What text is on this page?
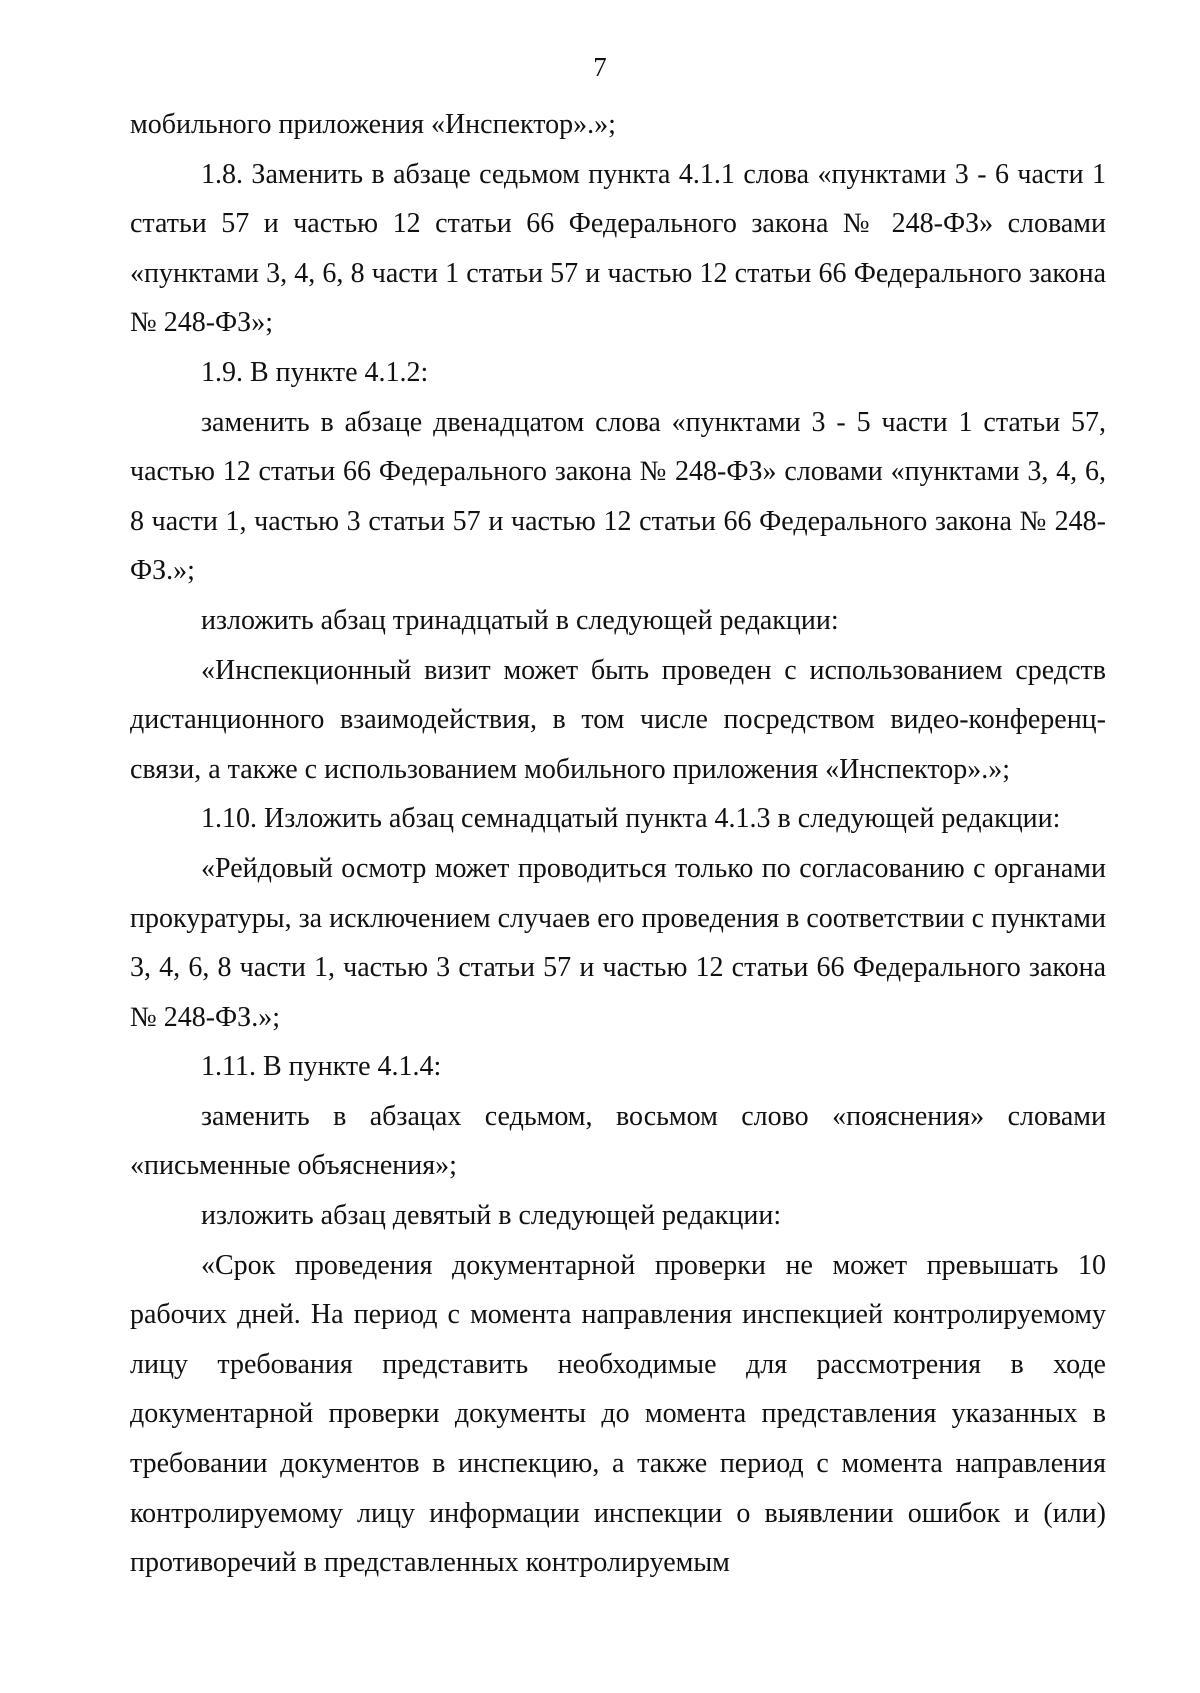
7

мобильного приложения «Инспектор».»;

1.8. Заменить в абзаце седьмом пункта 4.1.1 слова «пунктами 3 - 6 части 1 статьи 57 и частью 12 статьи 66 Федерального закона № 248-ФЗ» словами «пунктами 3, 4, 6, 8 части 1 статьи 57 и частью 12 статьи 66 Федерального закона № 248-ФЗ»;

1.9. В пункте 4.1.2:

заменить в абзаце двенадцатом слова «пунктами 3 - 5 части 1 статьи 57, частью 12 статьи 66 Федерального закона № 248-ФЗ» словами «пунктами 3, 4, 6, 8 части 1, частью 3 статьи 57 и частью 12 статьи 66 Федерального закона № 248-ФЗ.»;

изложить абзац тринадцатый в следующей редакции:

«Инспекционный визит может быть проведен с использованием средств дистанционного взаимодействия, в том числе посредством видео-конференц-связи, а также с использованием мобильного приложения «Инспектор».»;

1.10. Изложить абзац семнадцатый пункта 4.1.3 в следующей редакции:

«Рейдовый осмотр может проводиться только по согласованию с органами прокуратуры, за исключением случаев его проведения в соответствии с пунктами 3, 4, 6, 8 части 1, частью 3 статьи 57 и частью 12 статьи 66 Федерального закона № 248-ФЗ.»;

1.11. В пункте 4.1.4:

заменить в абзацах седьмом, восьмом слово «пояснения» словами «письменные объяснения»;

изложить абзац девятый в следующей редакции:

«Срок проведения документарной проверки не может превышать 10 рабочих дней. На период с момента направления инспекцией контролируемому лицу требования представить необходимые для рассмотрения в ходе документарной проверки документы до момента представления указанных в требовании документов в инспекцию, а также период с момента направления контролируемому лицу информации инспекции о выявлении ошибок и (или) противоречий в представленных контролируемым
